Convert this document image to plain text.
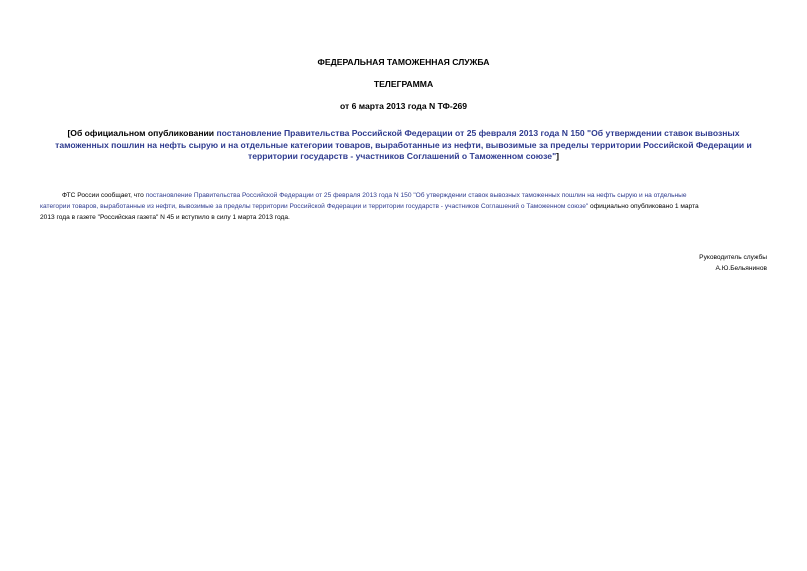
ФЕДЕРАЛЬНАЯ ТАМОЖЕННАЯ СЛУЖБА
ТЕЛЕГРАММА
от 6 марта 2013 года N ТФ-269
[Об официальном опубликовании постановление Правительства Российской Федерации от 25 февраля 2013 года N 150 "Об утверждении ставок вывозных
таможенных пошлин на нефть сырую и на отдельные категории товаров, выработанные из нефти, вывозимые за пределы территории Российской Федерации и
территории государств - участников Соглашений о Таможенном союзе"]
ФТС России сообщает, что постановление Правительства Российской Федерации от 25 февраля 2013 года N 150 "Об утверждении ставок вывозных таможенных пошлин на нефть сырую и на отдельные
категории товаров, выработанные из нефти, вывозимые за пределы территории Российской Федерации и территории государств - участников Соглашений о Таможенном союзе" официально опубликовано 1 марта
2013 года в газете "Российская газета" N 45 и вступило в силу 1 марта 2013 года.
Руководитель службы
А.Ю.Бельянинов
